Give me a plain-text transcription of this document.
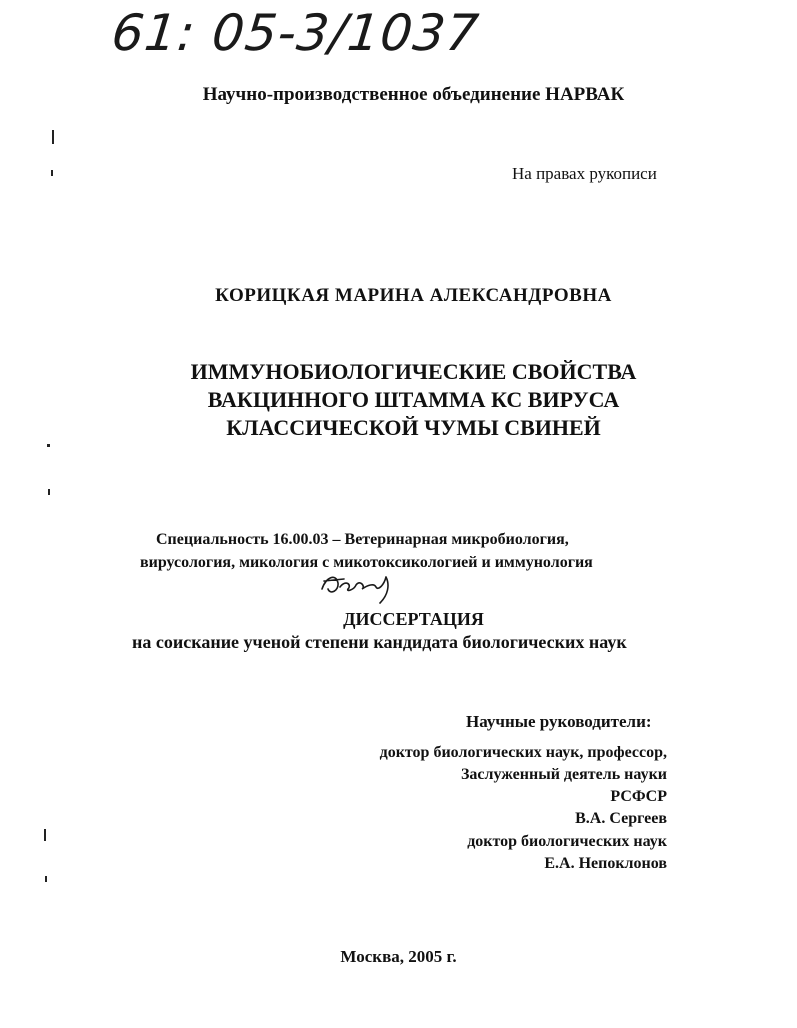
61: 05-3/1037
Научно-производственное объединение НАРВАК
На правах рукописи
КОРИЦКАЯ МАРИНА АЛЕКСАНДРОВНА
ИММУНОБИОЛОГИЧЕСКИЕ СВОЙСТВА
ВАКЦИННОГО ШТАММА КС ВИРУСА
КЛАССИЧЕСКОЙ ЧУМЫ СВИНЕЙ
Специальность 16.00.03 – Ветеринарная микробиология,
вирусология, микология с микотоксикологией и иммунология
ДИССЕРТАЦИЯ
на соискание ученой степени кандидата биологических наук
Научные руководители:
доктор биологических наук, профессор,
Заслуженный деятель науки
РСФСР
В.А. Сергеев
доктор биологических наук
Е.А. Непоклонов
Москва, 2005 г.
